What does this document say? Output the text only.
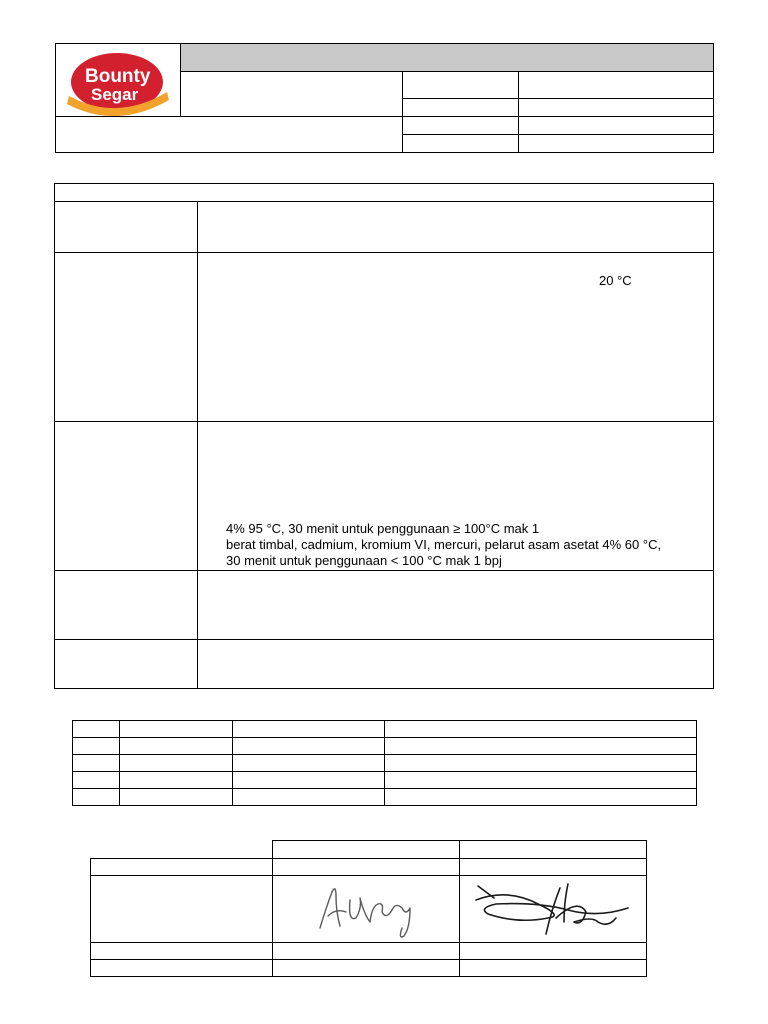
Bounty
Segar			

	20 °C

	4% 95 °C, 30 menit untuk penggunaan ≥ 100°C mak 1
berat timbal, cadmium, kromium VI, mercuri, pelarut asam asetat 4% 60 °C,
30 menit untuk penggunaan < 100 °C mak 1 bpj
